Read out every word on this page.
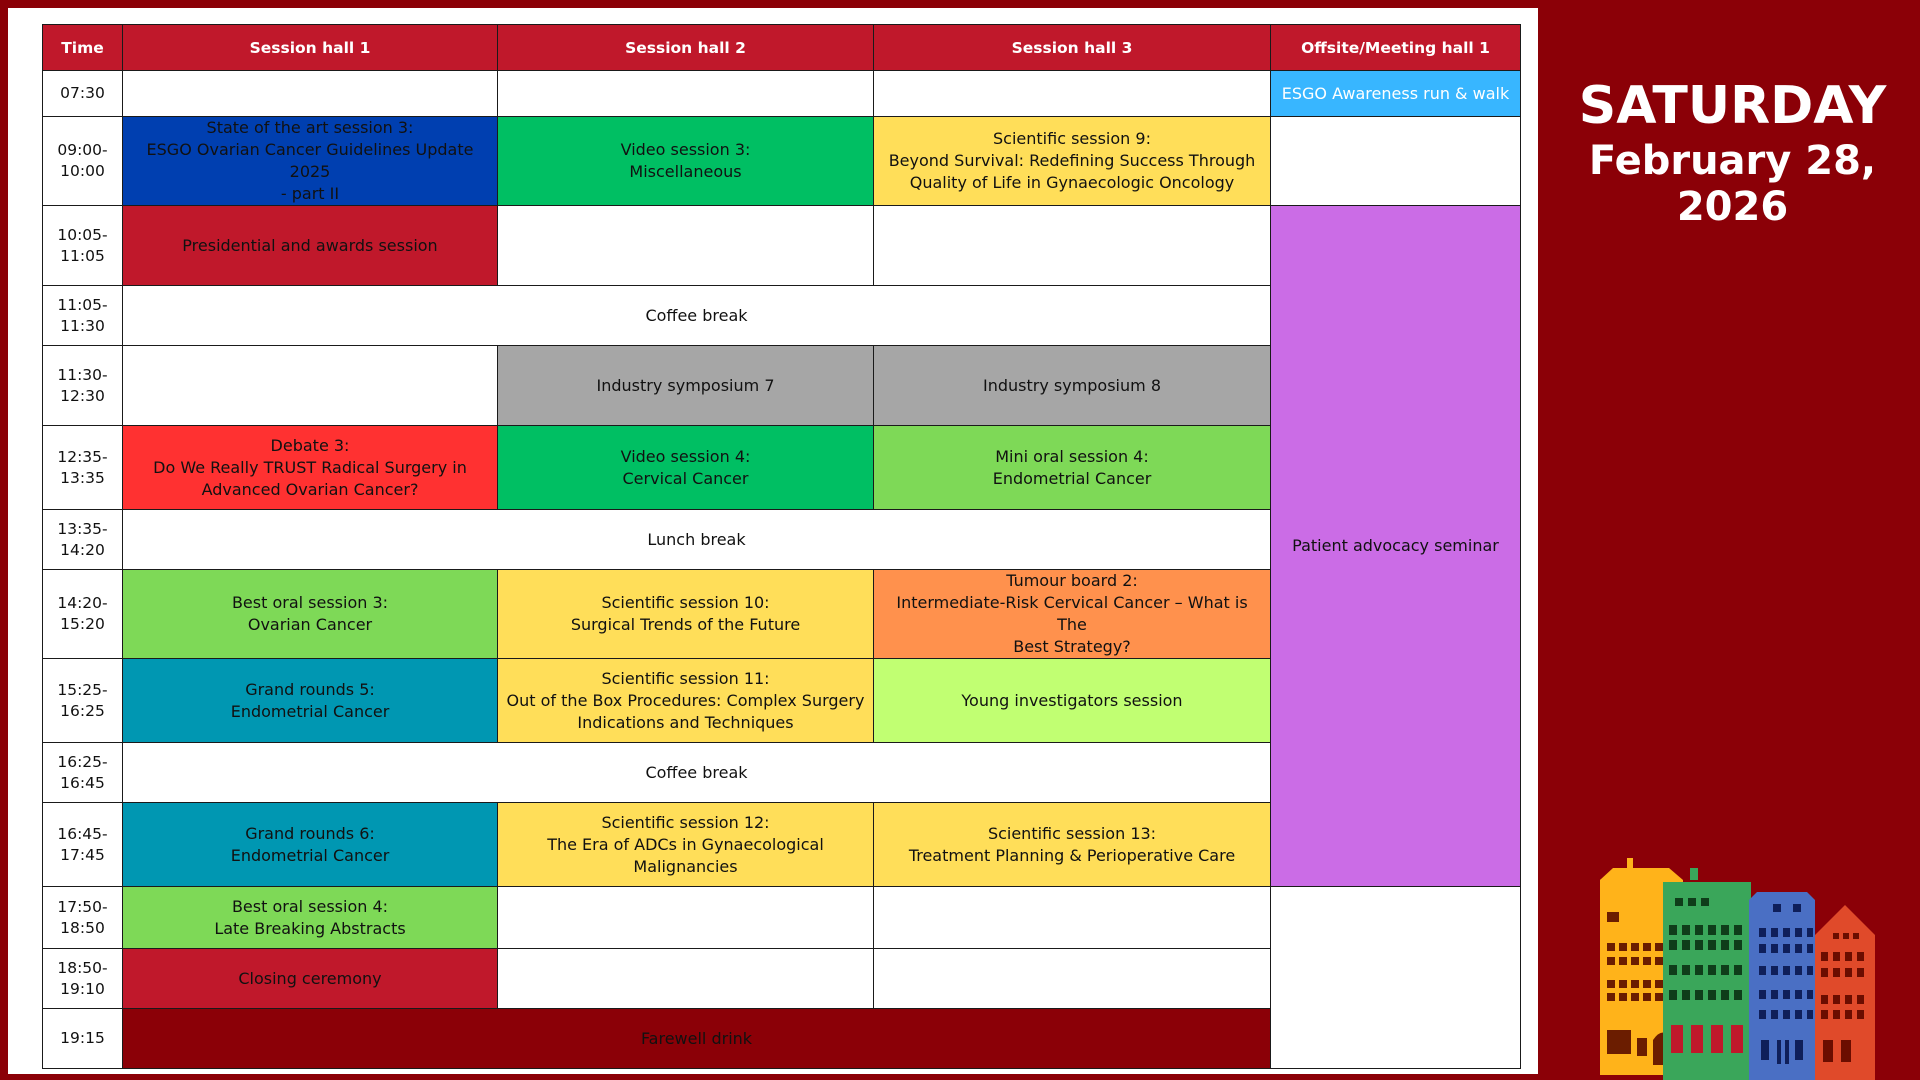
Time	Session hall 1	Session hall 2	Session hall 3	Offsite/Meeting hall 1

07:30				ESGO Awareness run & walk

09:00-
10:00	State of the art session 3:
ESGO Ovarian Cancer Guidelines Update 2025
- part II	Video session 3:
Miscellaneous	Scientific session 9:
Beyond Survival: Redefining Success Through
Quality of Life in Gynaecologic Oncology	

10:05-
11:05	Presidential and awards session			Patient advocacy seminar

11:05-
11:30	Coffee break			

11:30-
12:30		Industry symposium 7	Industry symposium 8	

12:35-
13:35	Debate 3:
Do We Really TRUST Radical Surgery in
Advanced Ovarian Cancer?	Video session 4:
Cervical Cancer	Mini oral session 4:
Endometrial Cancer	

13:35-
14:20	Lunch break			

14:20-
15:20	Best oral session 3:
Ovarian Cancer	Scientific session 10:
Surgical Trends of the Future	Tumour board 2:
Intermediate-Risk Cervical Cancer – What is The
Best Strategy?	

15:25-
16:25	Grand rounds 5:
Endometrial Cancer	Scientific session 11:
Out of the Box Procedures: Complex Surgery
Indications and Techniques	Young investigators session	

16:25-
16:45	Coffee break			

16:45-
17:45	Grand rounds 6:
Endometrial Cancer	Scientific session 12:
The Era of ADCs in Gynaecological
Malignancies	Scientific session 13:
Treatment Planning & Perioperative Care	

17:50-
18:50	Best oral session 4:
Late Breaking Abstracts			

18:50-
19:10	Closing ceremony			

19:15	Farewell drink			
SATURDAY
February 28, 2026
